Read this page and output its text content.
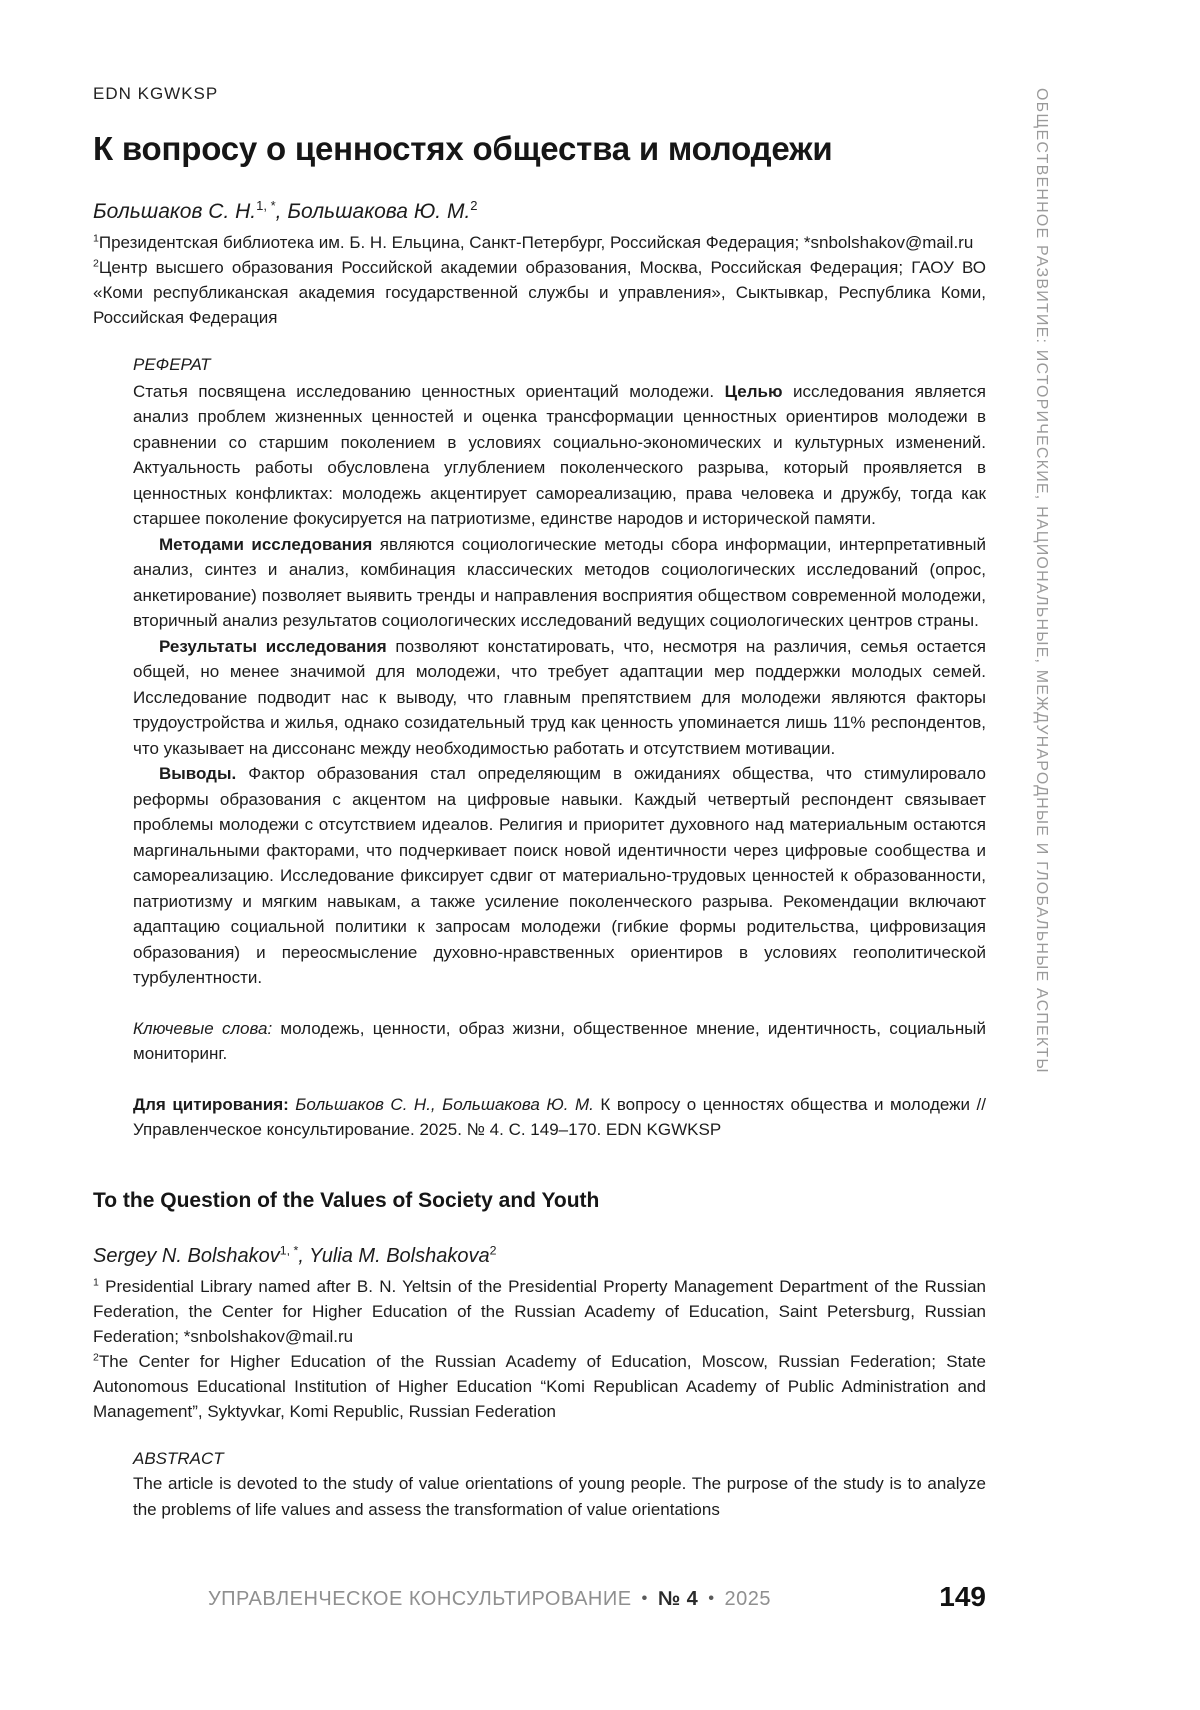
ОБЩЕСТВЕННОЕ РАЗВИТИЕ: ИСТОРИЧЕСКИЕ, НАЦИОНАЛЬНЫЕ, МЕЖДУНАРОДНЫЕ И ГЛОБАЛЬНЫЕ АСПЕКТЫ
EDN KGWKSP
К вопросу о ценностях общества и молодежи
Большаков С. Н.$^{1, *}$, Большакова Ю. М.$^2$

$^1$Президентская библиотека им. Б. Н. Ельцина, Санкт-Петербург, Российская Федерация; *snbolshakov@mail.ru

$^2$Центр высшего образования Российской академии образования, Москва, Российская Федерация; ГАОУ ВО «Коми республиканская академия государственной службы и управления», Сыктывкар, Республика Коми, Российская Федерация

РЕФЕРАТ

Статья посвящена исследованию ценностных ориентаций молодежи. Целью исследования является анализ проблем жизненных ценностей и оценка трансформации ценностных ориентиров молодежи в сравнении со старшим поколением в условиях социально-экономических и культурных изменений. Актуальность работы обусловлена углублением поколенческого разрыва, который проявляется в ценностных конфликтах: молодежь акцентирует самореализацию, права человека и дружбу, тогда как старшее поколение фокусируется на патриотизме, единстве народов и исторической памяти.

Методами исследования являются социологические методы сбора информации, интерпретативный анализ, синтез и анализ, комбинация классических методов социологических исследований (опрос, анкетирование) позволяет выявить тренды и направления восприятия обществом современной молодежи, вторичный анализ результатов социологических исследований ведущих социологических центров страны.

Результаты исследования позволяют констатировать, что, несмотря на различия, семья остается общей, но менее значимой для молодежи, что требует адаптации мер поддержки молодых семей. Исследование подводит нас к выводу, что главным препятствием для молодежи являются факторы трудоустройства и жилья, однако созидательный труд как ценность упоминается лишь 11% респондентов, что указывает на диссонанс между необходимостью работать и отсутствием мотивации.

Выводы. Фактор образования стал определяющим в ожиданиях общества, что стимулировало реформы образования с акцентом на цифровые навыки. Каждый четвертый респондент связывает проблемы молодежи с отсутствием идеалов. Религия и приоритет духовного над материальным остаются маргинальными факторами, что подчеркивает поиск новой идентичности через цифровые сообщества и самореализацию. Исследование фиксирует сдвиг от материально-трудовых ценностей к образованности, патриотизму и мягким навыкам, а также усиление поколенческого разрыва. Рекомендации включают адаптацию социальной политики к запросам молодежи (гибкие формы родительства, цифровизация образования) и переосмысление духовно-нравственных ориентиров в условиях геополитической турбулентности.

Ключевые слова: молодежь, ценности, образ жизни, общественное мнение, идентичность, социальный мониторинг.

Для цитирования: Большаков С. Н., Большакова Ю. М. К вопросу о ценностях общества и молодежи // Управленческое консультирование. 2025. № 4. С. 149–170. EDN KGWKSP

To the Question of the Values of Society and Youth
Sergey N. Bolshakov$^{1, *}$, Yulia M. Bolshakova$^2$

$^1$ Presidential Library named after B. N. Yeltsin of the Presidential Property Management Department of the Russian Federation, the Center for Higher Education of the Russian Academy of Education, Saint Petersburg, Russian Federation; *snbolshakov@mail.ru

$^2$The Center for Higher Education of the Russian Academy of Education, Moscow, Russian Federation; State Autonomous Educational Institution of Higher Education “Komi Republican Academy of Public Administration and Management”, Syktyvkar, Komi Republic, Russian Federation

ABSTRACT

The article is devoted to the study of value orientations of young people. The purpose of the study is to analyze the problems of life values and assess the transformation of value orientations

УПРАВЛЕНЧЕСКОЕ КОНСУЛЬТИРОВАНИЕ • № 4 • 2025	149
